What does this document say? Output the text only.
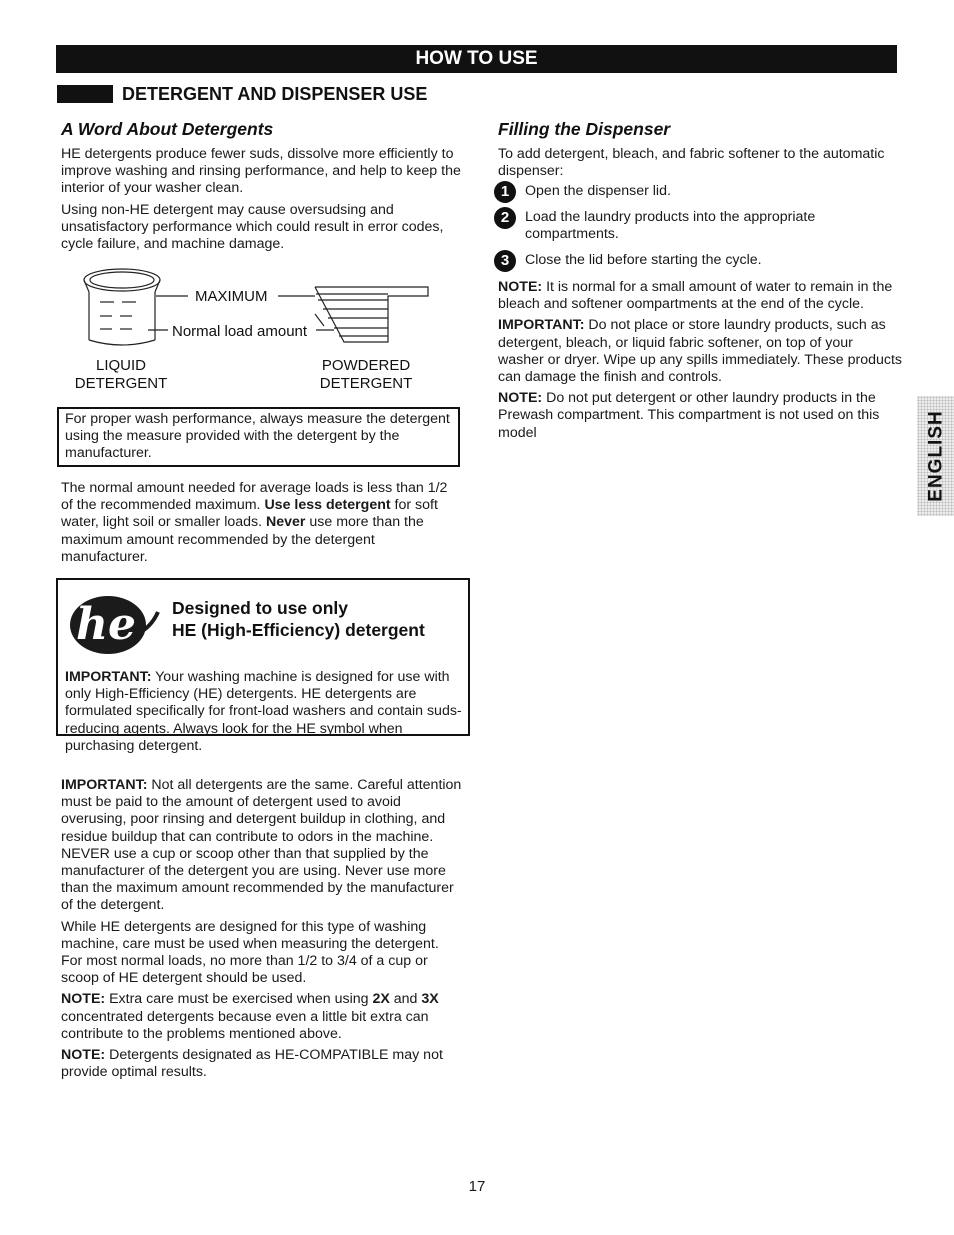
HOW TO USE
DETERGENT AND DISPENSER USE
A Word About Detergents

HE detergents produce fewer suds, dissolve more efficiently to improve washing and rinsing performance, and help to keep the interior of your washer clean.

Using non-HE detergent may cause oversudsing and unsatisfactory performance which could result in error codes, cycle failure, and machine damage.

MAXIMUM
Normal load amount
LIQUID
DETERGENT
POWDERED
DETERGENT
For proper wash performance, always measure the detergent using the measure provided with the detergent by the manufacturer.
The normal amount needed for average loads is less than 1/2 of the recommended maximum. Use less detergent for soft water, light soil or smaller loads. Never use more than the maximum amount recommended by the detergent manufacturer.
he Designed to use only
HE (High-Efficiency) detergent
IMPORTANT: Your washing machine is designed for use with only High-Efficiency (HE) detergents. HE detergents are formulated specifically for front-load washers and contain suds-reducing agents. Always look for the HE symbol when purchasing detergent.

IMPORTANT: Not all detergents are the same. Careful attention must be paid to the amount of detergent used to avoid overusing, poor rinsing and detergent buildup in clothing, and residue buildup that can contribute to odors in the machine. NEVER use a cup or scoop other than that supplied by the manufacturer of the detergent you are using. Never use more than the maximum amount recommended by the manufacturer of the detergent.

While HE detergents are designed for this type of washing machine, care must be used when measuring the detergent. For most normal loads, no more than 1/2 to 3/4 of a cup or scoop of HE detergent should be used.

NOTE: Extra care must be exercised when using 2X and 3X concentrated detergents because even a little bit extra can contribute to the problems mentioned above.

NOTE: Detergents designated as HE-COMPATIBLE may not provide optimal results.

Filling the Dispenser
To add detergent, bleach, and fabric softener to the automatic dispenser:
1	Open the dispenser lid.
2	Load the laundry products into the appropriate compartments.
3	Close the lid before starting the cycle.

NOTE: It is normal for a small amount of water to remain in the bleach and softener oompartments at the end of the cycle.

IMPORTANT: Do not place or store laundry products, such as detergent, bleach, or liquid fabric softener, on top of your washer or dryer. Wipe up any spills immediately. These products can damage the finish and controls.

NOTE: Do not put detergent or other laundry products in the Prewash compartment. This compartment is not used on this model	ENGLISH
17
